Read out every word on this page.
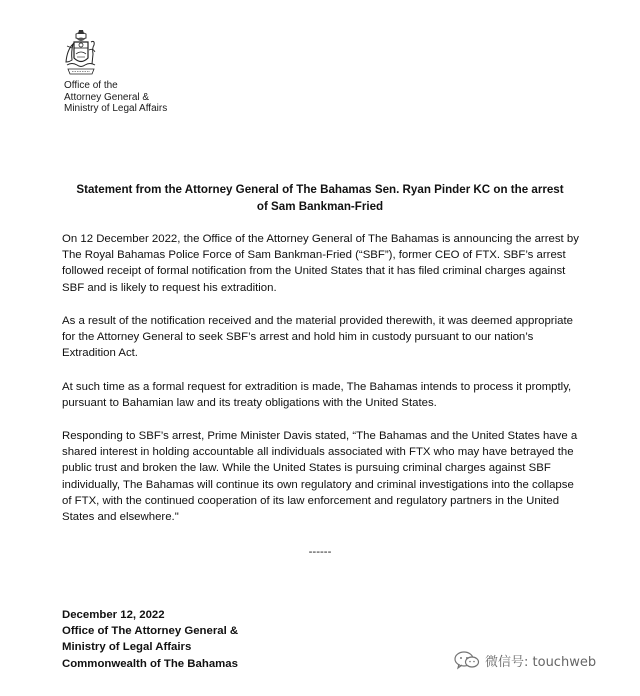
Office of the
Attorney General &
Ministry of Legal Affairs
Statement from the Attorney General of The Bahamas Sen. Ryan Pinder KC on the arrest
of Sam Bankman-Fried
On 12 December 2022, the Office of the Attorney General of The Bahamas is announcing the arrest by The Royal Bahamas Police Force of Sam Bankman-Fried (“SBF”), former CEO of FTX. SBF’s arrest followed receipt of formal notification from the United States that it has filed criminal charges against SBF and is likely to request his extradition.
As a result of the notification received and the material provided therewith, it was deemed appropriate for the Attorney General to seek SBF’s arrest and hold him in custody pursuant to our nation’s Extradition Act.
At such time as a formal request for extradition is made, The Bahamas intends to process it promptly, pursuant to Bahamian law and its treaty obligations with the United States.
Responding to SBF’s arrest, Prime Minister Davis stated, “The Bahamas and the United States have a shared interest in holding accountable all individuals associated with FTX who may have betrayed the public trust and broken the law. While the United States is pursuing criminal charges against SBF individually, The Bahamas will continue its own regulatory and criminal investigations into the collapse of FTX, with the continued cooperation of its law enforcement and regulatory partners in the United States and elsewhere."
------
December 12, 2022
Office of The Attorney General &
Ministry of Legal Affairs
Commonwealth of The Bahamas	微信号: touchweb
